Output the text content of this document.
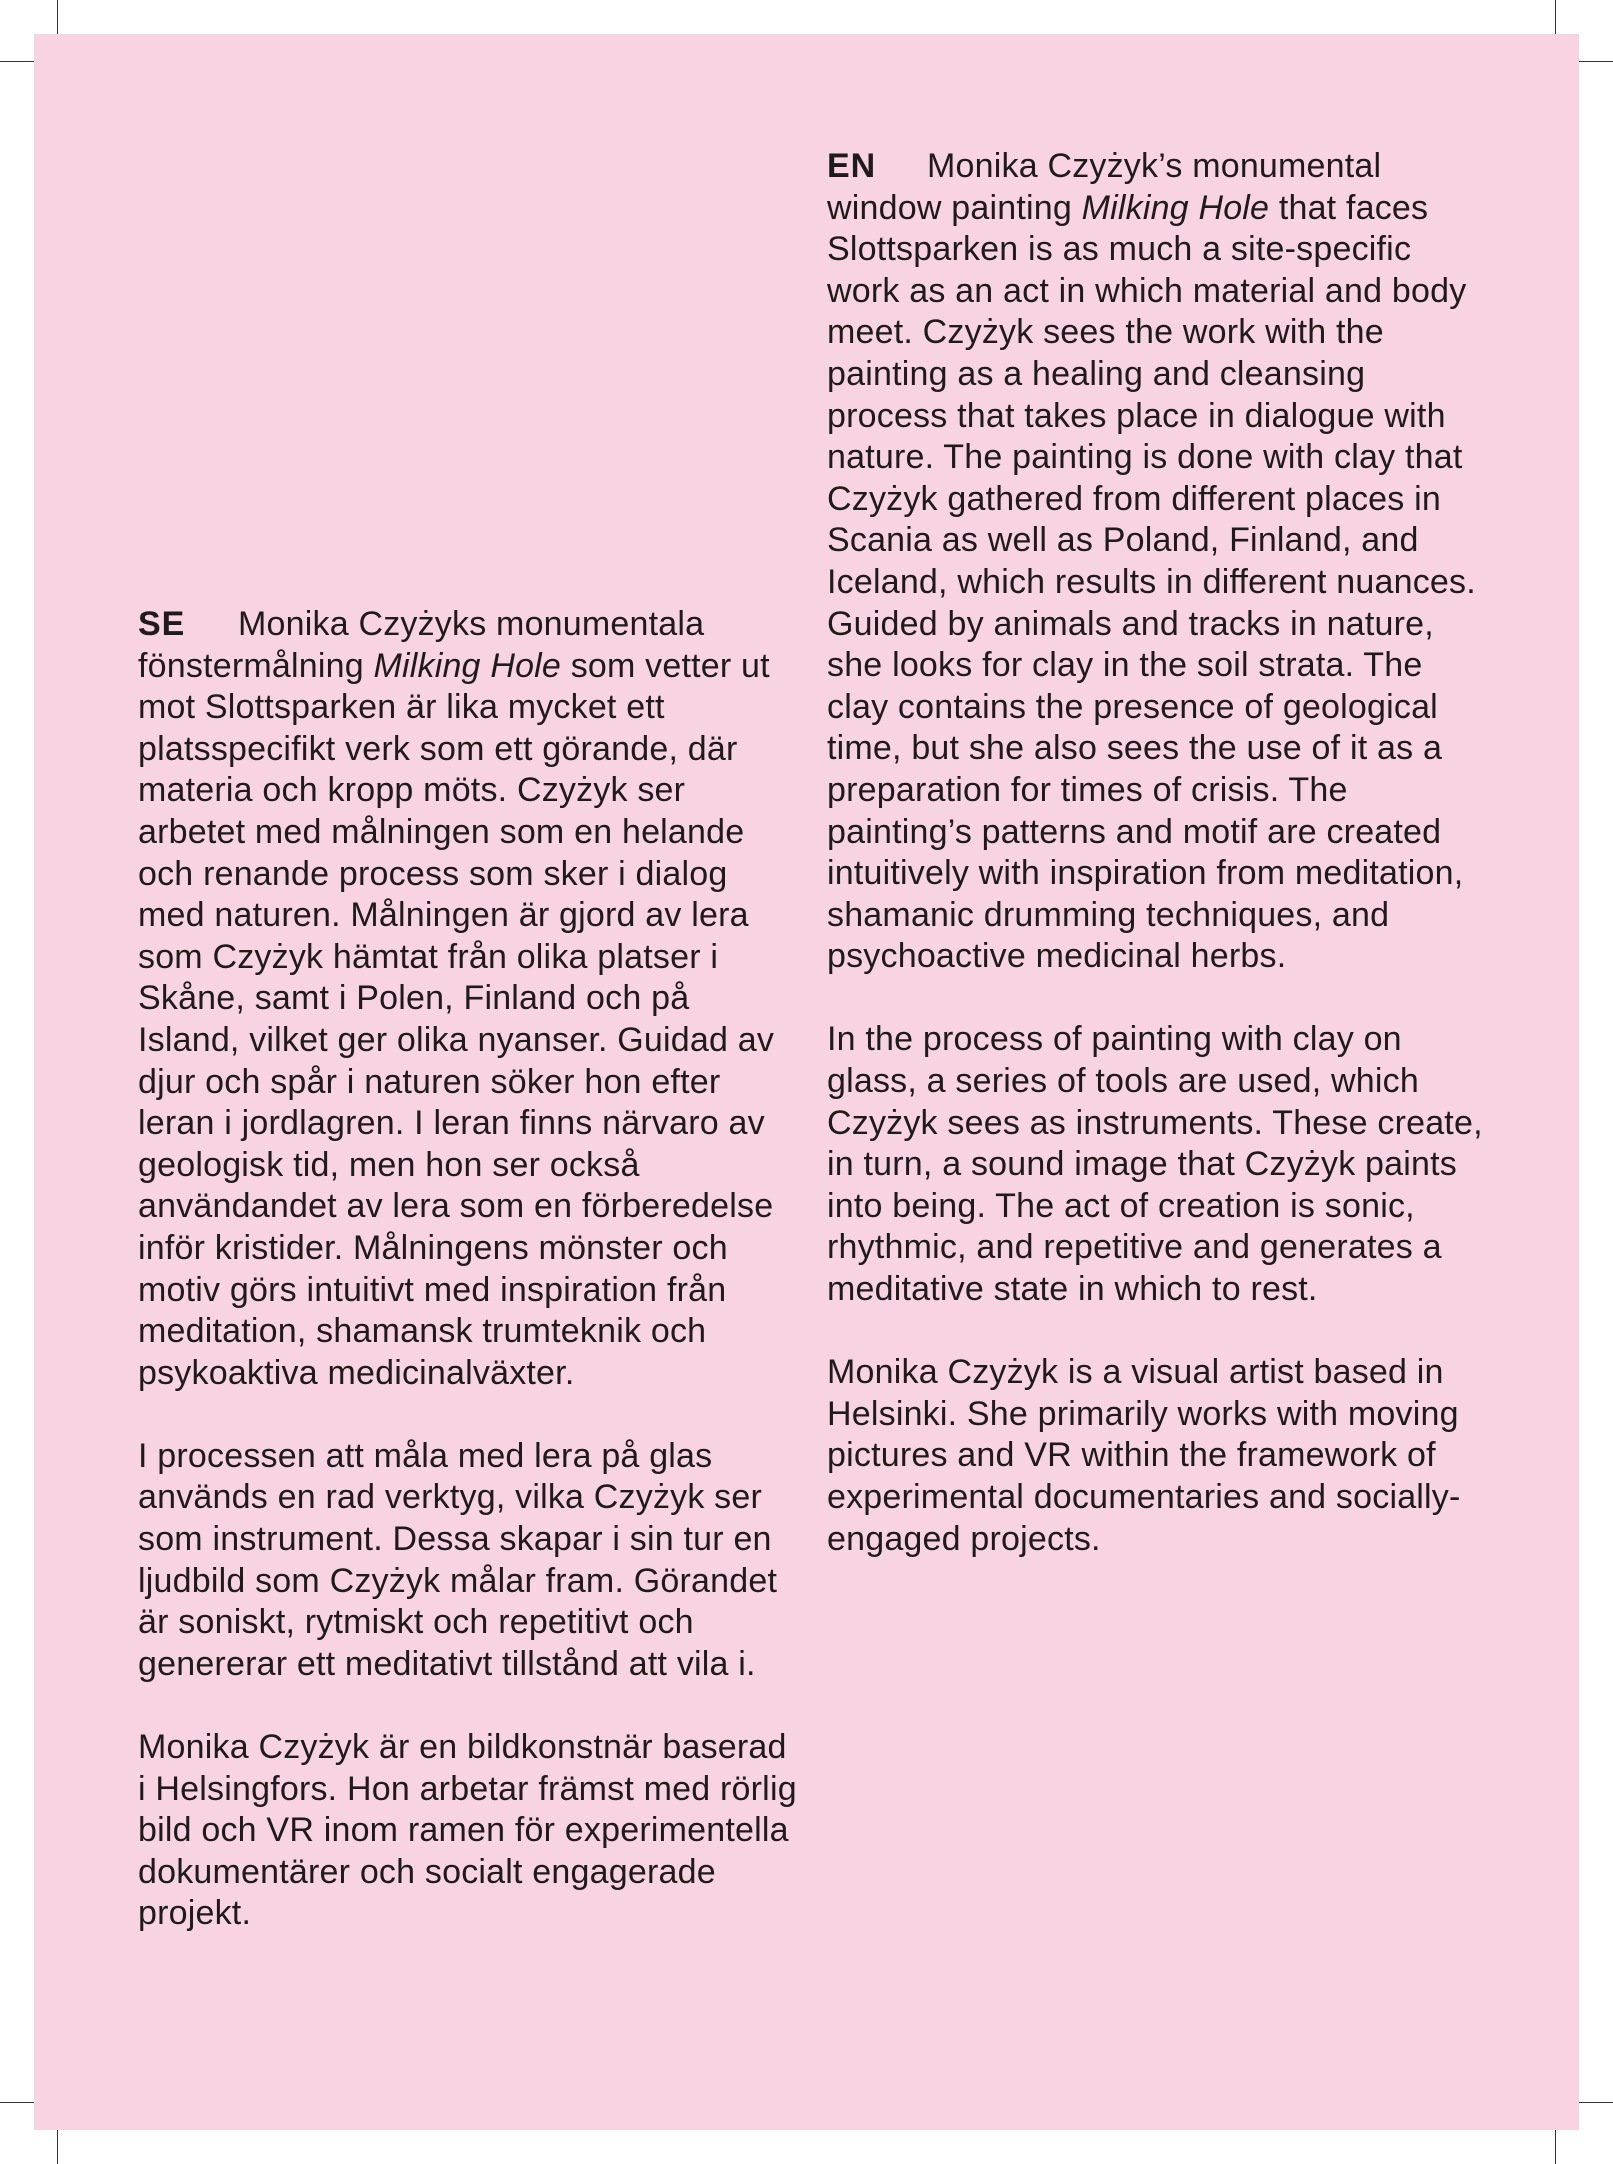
SE Monika Czyżyks monumentala fönstermålning Milking Hole som vetter ut mot Slottsparken är lika mycket ett platsspecifikt verk som ett görande, där materia och kropp möts. Czyżyk ser arbetet med målningen som en helande och renande process som sker i dialog med naturen. Målningen är gjord av lera som Czyżyk hämtat från olika platser i Skåne, samt i Polen, Finland och på Island, vilket ger olika nyanser. Guidad av djur och spår i naturen söker hon efter leran i jordlagren. I leran finns närvaro av geologisk tid, men hon ser också användandet av lera som en förberedelse inför kristider. Målningens mönster och motiv görs intuitivt med inspiration från meditation, shamansk trumteknik och psykoaktiva medicinalväxter.

I processen att måla med lera på glas används en rad verktyg, vilka Czyżyk ser som instrument. Dessa skapar i sin tur en ljudbild som Czyżyk målar fram. Görandet är soniskt, rytmiskt och repetitivt och genererar ett meditativt tillstånd att vila i.

Monika Czyżyk är en bildkonstnär baserad i Helsingfors. Hon arbetar främst med rörlig bild och VR inom ramen för experimentella dokumentärer och socialt engagerade projekt.

EN Monika Czyżyk’s monumental window painting Milking Hole that faces Slottsparken is as much a site-specific work as an act in which material and body meet. Czyżyk sees the work with the painting as a healing and cleansing process that takes place in dialogue with nature. The painting is done with clay that Czyżyk gathered from different places in Scania as well as Poland, Finland, and Iceland, which results in different nuances. Guided by animals and tracks in nature, she looks for clay in the soil strata. The clay contains the presence of geological time, but she also sees the use of it as a preparation for times of crisis. The painting’s patterns and motif are created intuitively with inspiration from meditation, shamanic drumming techniques, and psychoactive medicinal herbs.

In the process of painting with clay on glass, a series of tools are used, which Czyżyk sees as instruments. These create, in turn, a sound image that Czyżyk paints into being. The act of creation is sonic, rhythmic, and repetitive and generates a meditative state in which to rest.

Monika Czyżyk is a visual artist based in Helsinki. She primarily works with moving pictures and VR within the framework of experimental documentaries and socially-engaged projects.
